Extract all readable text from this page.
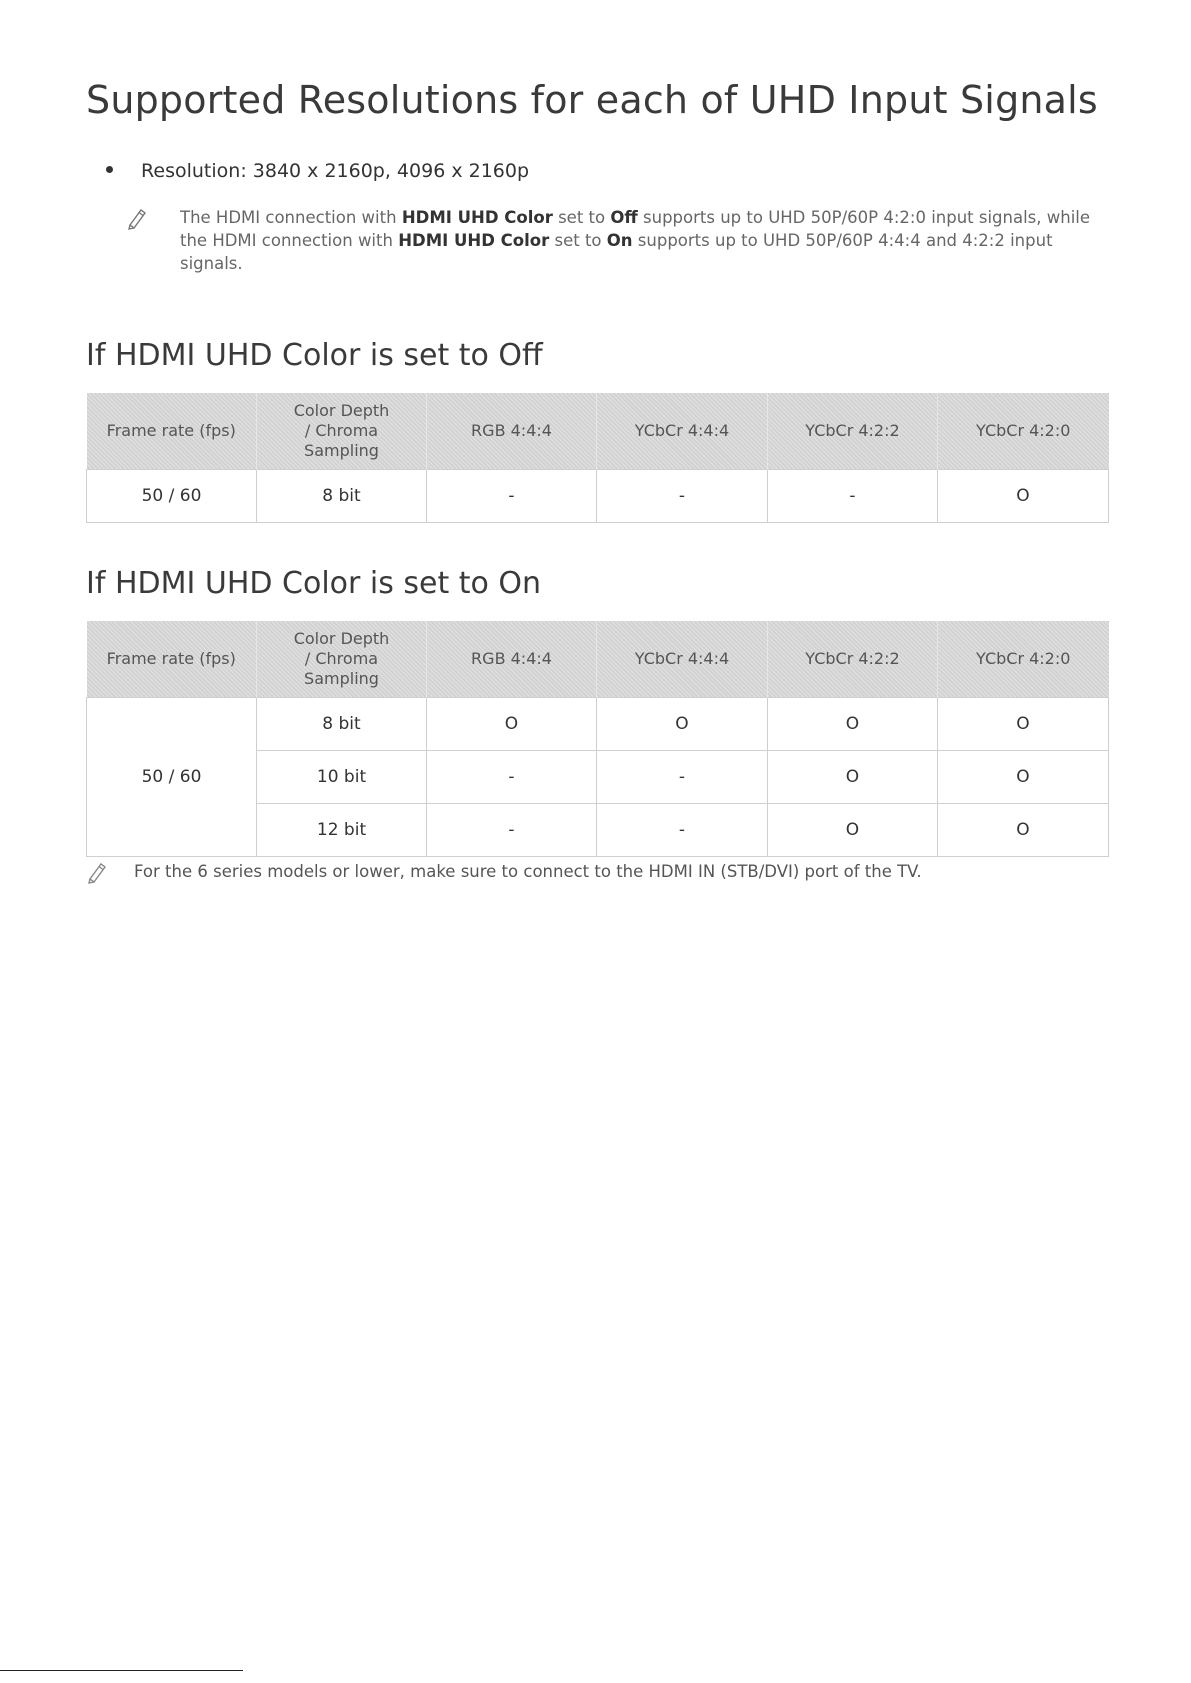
Supported Resolutions for each of UHD Input Signals
Resolution: 3840 x 2160p, 4096 x 2160p
The HDMI connection with HDMI UHD Color set to Off supports up to UHD 50P/60P 4:2:0 input signals, while the HDMI connection with HDMI UHD Color set to On supports up to UHD 50P/60P 4:4:4 and 4:2:2 input signals.
If HDMI UHD Color is set to Off
Frame rate (fps)	Color Depth
/ Chroma
Sampling	RGB 4:4:4	YCbCr 4:4:4	YCbCr 4:2:2	YCbCr 4:2:0
50 / 60	8 bit	-	-	-	O
If HDMI UHD Color is set to On
Frame rate (fps)	Color Depth
/ Chroma
Sampling	RGB 4:4:4	YCbCr 4:4:4	YCbCr 4:2:2	YCbCr 4:2:0
50 / 60	8 bit	O	O	O	O
	10 bit	-	-	O	O
	12 bit	-	-	O	O
For the 6 series models or lower, make sure to connect to the HDMI IN (STB/DVI) port of the TV.
